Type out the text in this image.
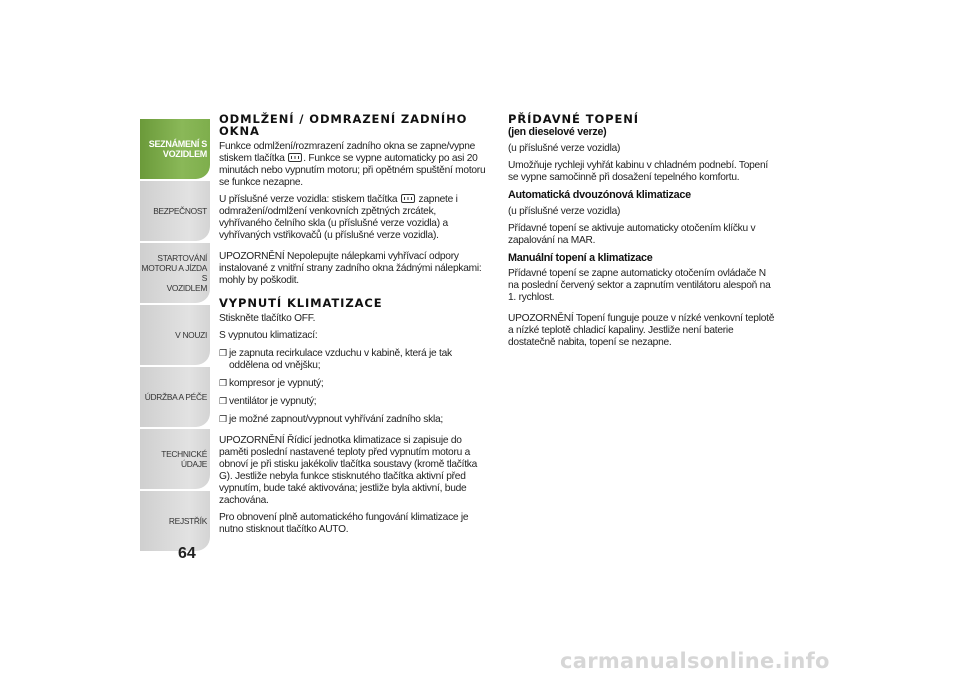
SEZNÁMENÍ S
VOZIDLEM
BEZPEČNOST
STARTOVÁNÍ
MOTORU A JÍZDA S
VOZIDLEM
V NOUZI
ÚDRŽBA A PÉČE
TECHNICKÉ ÚDAJE
REJSTŘÍK
64
ODMLŽENÍ / ODMRAZENÍ ZADNÍHO OKNA

Funkce odmlžení/rozmrazení zadního okna se zapne/vypne stiskem tlačítka . Funkce se vypne automaticky po asi 20 minutách nebo vypnutím motoru; při opětném spuštění motoru se funkce nezapne.

U příslušné verze vozidla: stiskem tlačítka zapnete i odmražení/odmlžení venkovních zpětných zrcátek, vyhřívaného čelního skla (u příslušné verze vozidla) a vyhřívaných vstřikovačů (u příslušné verze vozidla).

UPOZORNĚNÍ Nepolepujte nálepkami vyhřívací odpory instalované z vnitřní strany zadního okna žádnými nálepkami: mohly by poškodit.

VYPNUTÍ KLIMATIZACE

Stiskněte tlačítko OFF.

S vypnutou klimatizací:

❐ je zapnuta recirkulace vzduchu v kabině, která je tak oddělena od vnějšku;
❐ kompresor je vypnutý;
❐ ventilátor je vypnutý;
❐ je možné zapnout/vypnout vyhřívání zadního skla;

UPOZORNĚNÍ Řídicí jednotka klimatizace si zapisuje do paměti poslední nastavené teploty před vypnutím motoru a obnoví je při stisku jakékoliv tlačítka soustavy (kromě tlačítka G). Jestliže nebyla funkce stisknutého tlačítka aktivní před vypnutím, bude také aktivována; jestliže byla aktivní, bude zachována.

Pro obnovení plně automatického fungování klimatizace je nutno stisknout tlačítko AUTO.

PŘÍDAVNÉ TOPENÍ

(jen dieselové verze)

(u příslušné verze vozidla)

Umožňuje rychleji vyhřát kabinu v chladném podnebí. Topení se vypne samočinně při dosažení tepelného komfortu.

Automatická dvouzónová klimatizace

(u příslušné verze vozidla)

Přídavné topení se aktivuje automaticky otočením klíčku v zapalování na MAR.

Manuální topení a klimatizace

Přídavné topení se zapne automaticky otočením ovládače N na poslední červený sektor a zapnutím ventilátoru alespoň na 1. rychlost.

UPOZORNĚNÍ Topení funguje pouze v nízké venkovní teplotě a nízké teplotě chladicí kapaliny. Jestliže není baterie dostatečně nabita, topení se nezapne.

carmanualsonline.info
